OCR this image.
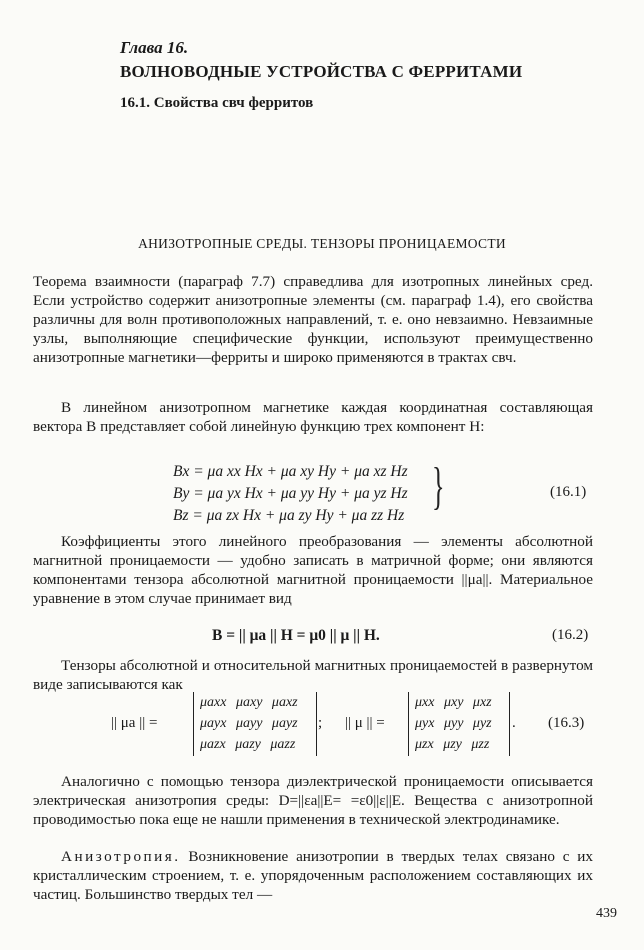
Глава 16.
ВОЛНОВОДНЫЕ УСТРОЙСТВА С ФЕРРИТАМИ
16.1. Свойства свч ферритов
АНИЗОТРОПНЫЕ СРЕДЫ. ТЕНЗОРЫ ПРОНИЦАЕМОСТИ
Теорема взаимности (параграф 7.7) справедлива для изотропных линейных сред. Если устройство содержит анизотропные элементы (см. параграф 1.4), его свойства различны для волн противоположных направлений, т. е. оно невзаимно. Невзаимные узлы, выполняющие специфические функции, используют преимущественно анизотропные магнетики—ферриты и широко применяются в трактах свч.
В линейном анизотропном магнетике каждая координатная составляющая вектора B представляет собой линейную функцию трех компонент H:
Bx = μa xx Hx + μa xy Hy + μa xz Hz
By = μa yx Hx + μa yy Hy + μa yz Hz
Bz = μa zx Hx + μa zy Hy + μa zz Hz
}	(16.1)
Коэффициенты этого линейного преобразования — элементы абсолютной магнитной проницаемости — удобно записать в матричной форме; они являются компонентами тензора абсолютной магнитной проницаемости ||μa||. Материальное уравнение в этом случае принимает вид
B = || μa || H = μ0 || μ || H.	(16.2)
Тензоры абсолютной и относительной магнитных проницаемостей в развернутом виде записываются как
|| μa || =
μaxx μaxy μaxz
μayx μayy μayz
μazx μazy μazz
; || μ || =
μxx μxy μxz
μyx μyy μyz
μzx μzy μzz
. (16.3)
Аналогично с помощью тензора диэлектрической проницаемости описывается электрическая анизотропия среды: D=||εa||E= =ε0||ε||E. Вещества с анизотропной проводимостью пока еще не нашли применения в технической электродинамике.
Анизотропия. Возникновение анизотропии в твердых телах связано с их кристаллическим строением, т. е. упорядоченным расположением составляющих их частиц. Большинство твердых тел —
439
